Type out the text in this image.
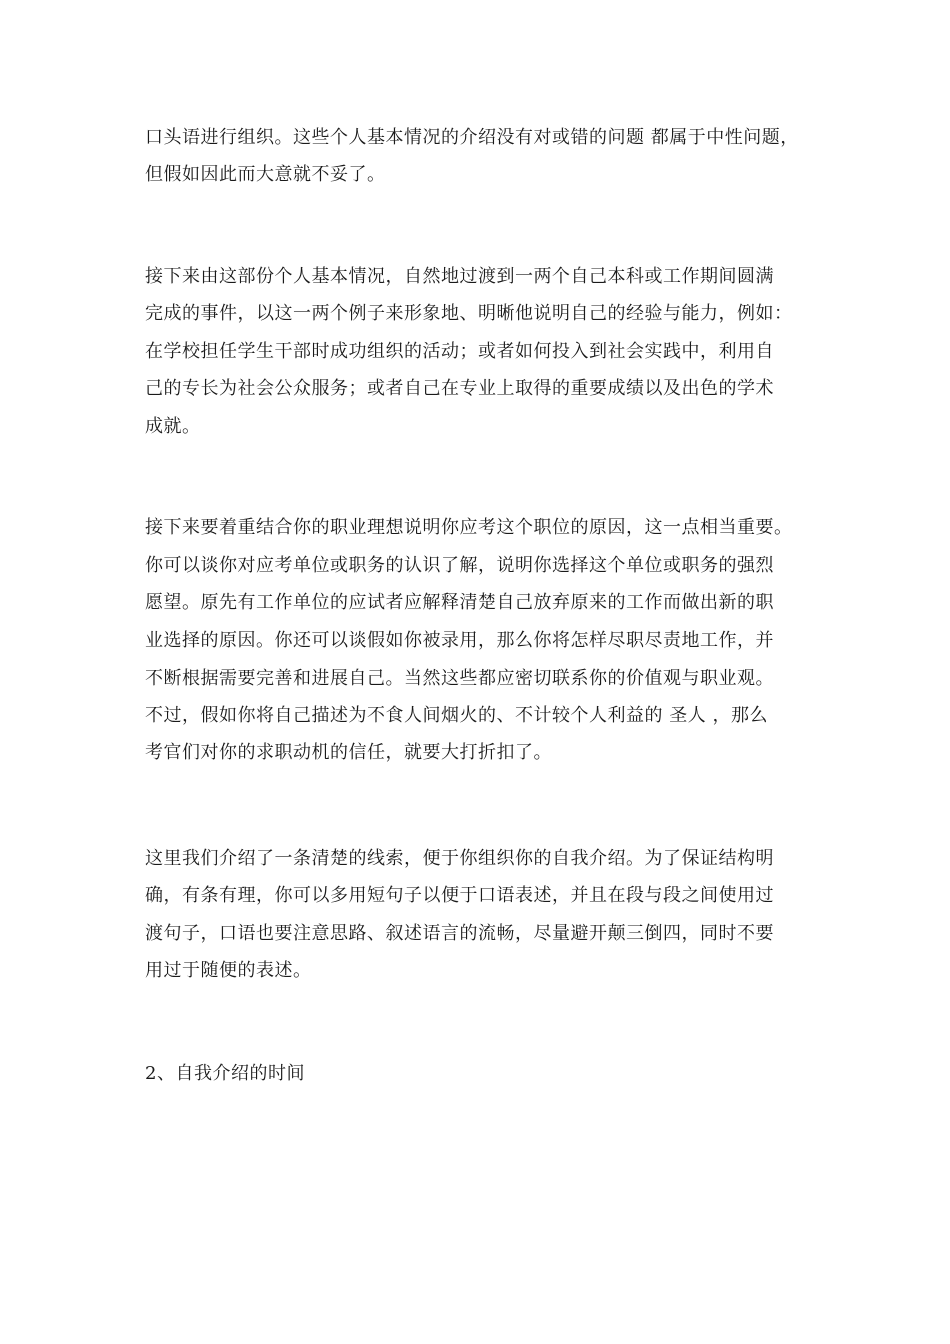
口头语进行组织。这些个人基本情况的介绍没有对或错的问题 都属于中性问题，
但假如因此而大意就不妥了。
接下来由这部份个人基本情况，自然地过渡到一两个自己本科或工作期间圆满
完成的事件，以这一两个例子来形象地、明晰他说明自己的经验与能力，例如：
在学校担任学生干部时成功组织的活动；或者如何投入到社会实践中，利用自
己的专长为社会公众服务；或者自己在专业上取得的重要成绩以及出色的学术
成就。
接下来要着重结合你的职业理想说明你应考这个职位的原因，这一点相当重要。
你可以谈你对应考单位或职务的认识了解，说明你选择这个单位或职务的强烈
愿望。原先有工作单位的应试者应解释清楚自己放弃原来的工作而做出新的职
业选择的原因。你还可以谈假如你被录用，那么你将怎样尽职尽责地工作，并
不断根据需要完善和进展自己。当然这些都应密切联系你的价值观与职业观。
不过，假如你将自己描述为不食人间烟火的、不计较个人利益的 圣人 ，那么
考官们对你的求职动机的信任，就要大打折扣了。
这里我们介绍了一条清楚的线索，便于你组织你的自我介绍。为了保证结构明
确，有条有理，你可以多用短句子以便于口语表述，并且在段与段之间使用过
渡句子，口语也要注意思路、叙述语言的流畅，尽量避开颠三倒四，同时不要
用过于随便的表述。
2、自我介绍的时间
